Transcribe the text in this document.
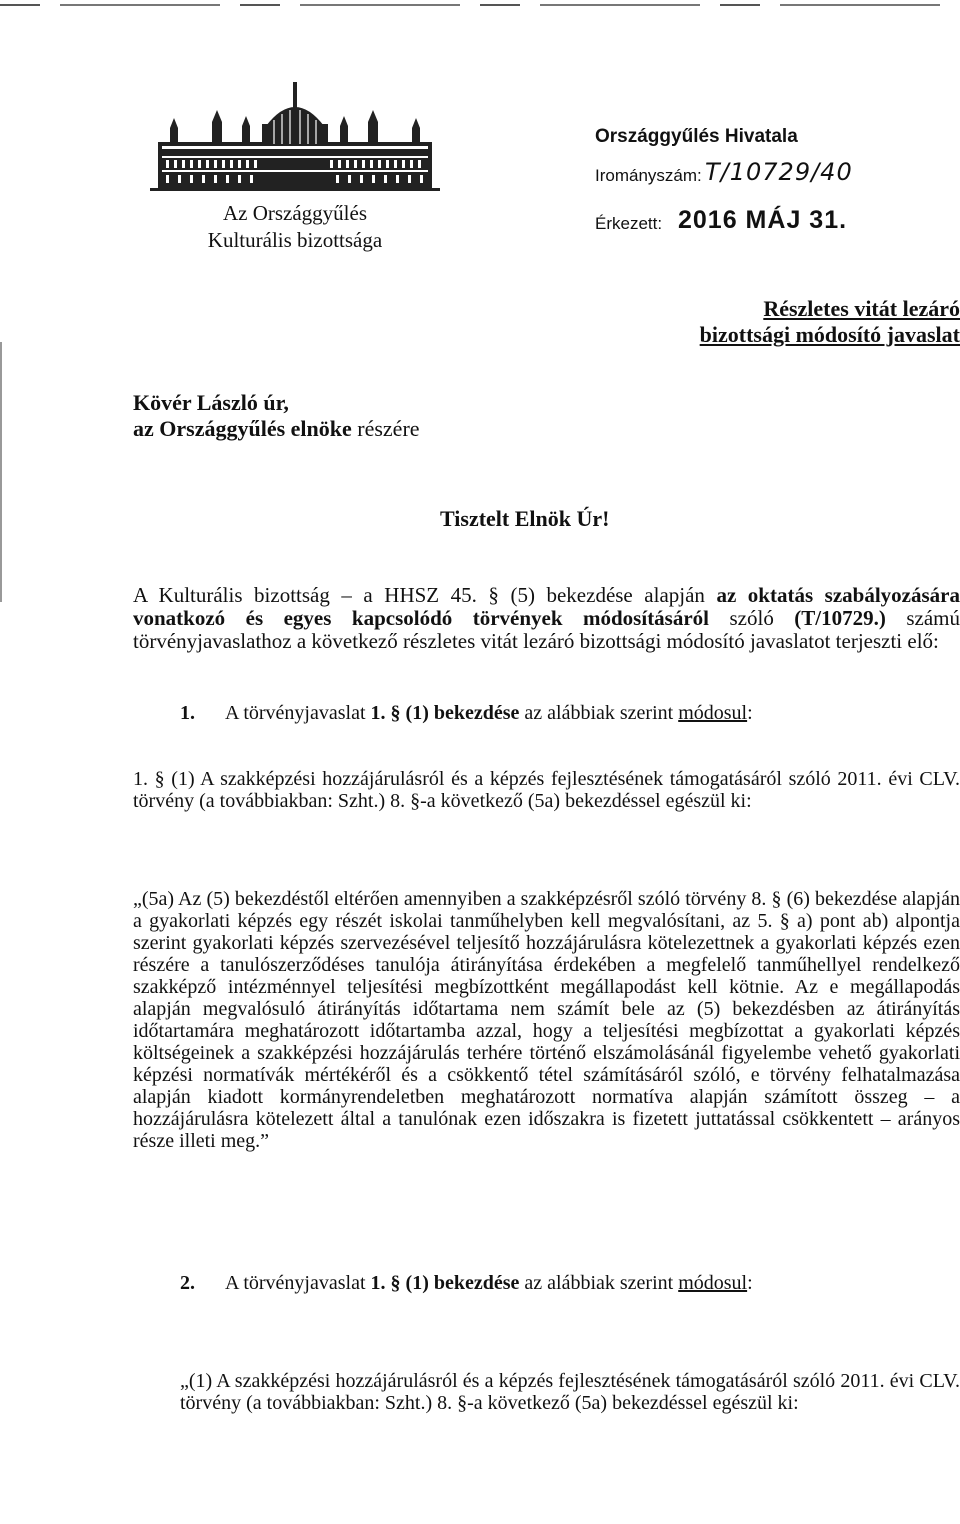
Az Országgyűlés
Kulturális bizottsága
Országgyűlés Hivatala
Irományszám: T/10729/40
Érkezett: 2016 MÁJ 31.
Részletes vitát lezáró
bizottsági módosító javaslat
Kövér László úr,
az Országgyűlés elnöke részére
Tisztelt Elnök Úr!
A Kulturális bizottság – a HHSZ 45. § (5) bekezdése alapján az oktatás szabályozására vonatkozó és egyes kapcsolódó törvények módosításáról szóló (T/10729.) számú törvényjavaslathoz a következő részletes vitát lezáró bizottsági módosító javaslatot terjeszti elő:
1. A törvényjavaslat 1. § (1) bekezdése az alábbiak szerint módosul:
1. § (1) A szakképzési hozzájárulásról és a képzés fejlesztésének támogatásáról szóló 2011. évi CLV. törvény (a továbbiakban: Szht.) 8. §-a következő (5a) bekezdéssel egészül ki:
„(5a) Az (5) bekezdéstől eltérően amennyiben a szakképzésről szóló törvény 8. § (6) bekezdése alapján a gyakorlati képzés egy részét iskolai tanműhelyben kell megvalósítani, az 5. § a) pont ab) alpontja szerint gyakorlati képzés szervezésével teljesítő hozzájárulásra kötelezettnek a gyakorlati képzés ezen részére a tanulószerződéses tanulója átirányítása érdekében a megfelelő tanműhellyel rendelkező szakképző intézménnyel teljesítési megbízottként megállapodást kell kötnie. Az e megállapodás alapján megvalósuló átirányítás időtartama nem számít bele az (5) bekezdésben az átirányítás időtartamára meghatározott időtartamba azzal, hogy a teljesítési megbízottat a gyakorlati képzés költségeinek a szakképzési hozzájárulás terhére történő elszámolásánál figyelembe vehető gyakorlati képzési normatívák mértékéről és a csökkentő tétel számításáról szóló, e törvény felhatalmazása alapján kiadott kormányrendeletben meghatározott normatíva alapján számított összeg – a hozzájárulásra kötelezett által a tanulónak ezen időszakra is fizetett juttatással csökkentett – arányos része illeti meg.”
2. A törvényjavaslat 1. § (1) bekezdése az alábbiak szerint módosul:
„(1) A szakképzési hozzájárulásról és a képzés fejlesztésének támogatásáról szóló 2011. évi CLV. törvény (a továbbiakban: Szht.) 8. §-a következő (5a) bekezdéssel egészül ki:
